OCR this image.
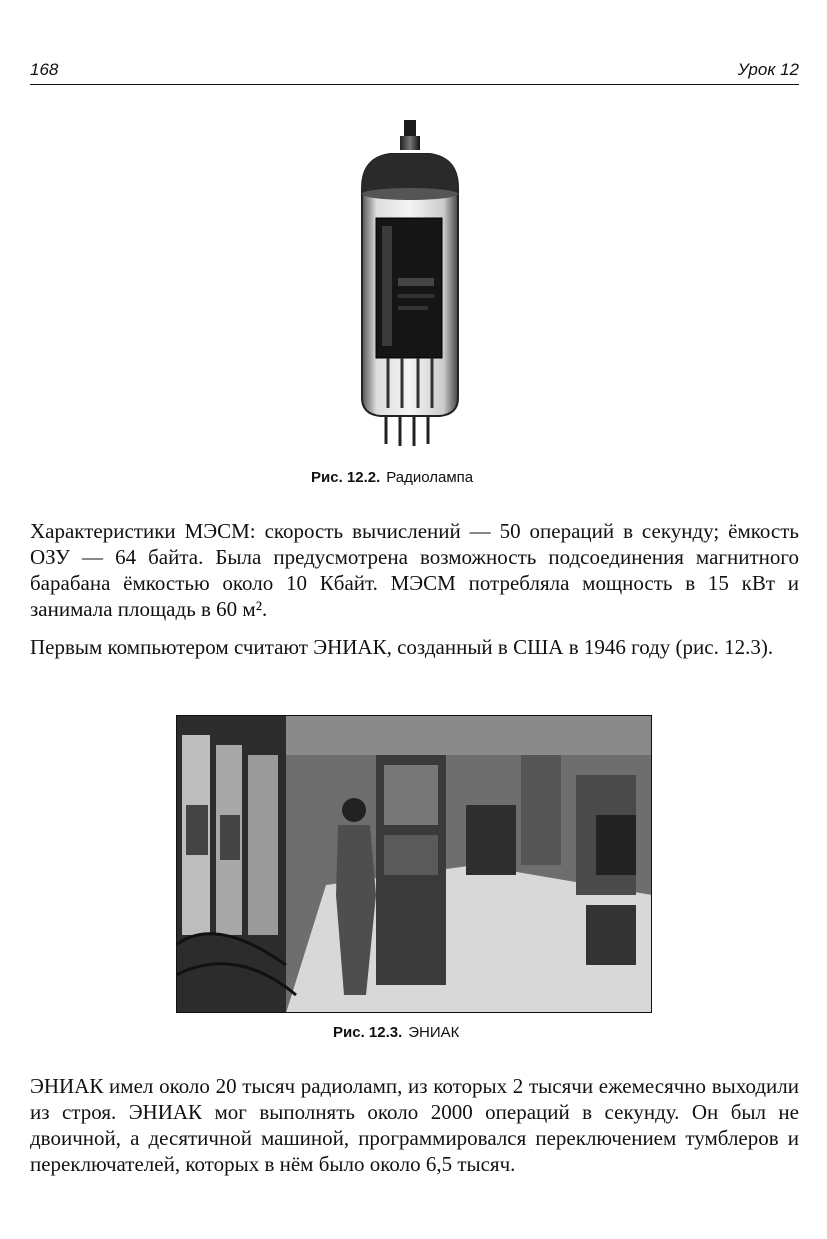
168	Урок 12
Рис. 12.2. Радиолампа

Характеристики МЭСМ: скорость вычислений — 50 операций в секунду; ёмкость ОЗУ — 64 байта. Была предусмотрена возможность подсоединения магнитного барабана ёмкостью около 10 Кбайт. МЭСМ потребляла мощность в 15 кВт и занимала площадь в 60 м².

Первым компьютером считают ЭНИАК, созданный в США в 1946 году (рис. 12.3).

Рис. 12.3. ЭНИАК

ЭНИАК имел около 20 тысяч радиоламп, из которых 2 тысячи ежемесячно выходили из строя. ЭНИАК мог выполнять около 2000 операций в секунду. Он был не двоичной, а десятичной машиной, программировался переключением тумблеров и переключателей, которых в нём было около 6,5 тысяч.
